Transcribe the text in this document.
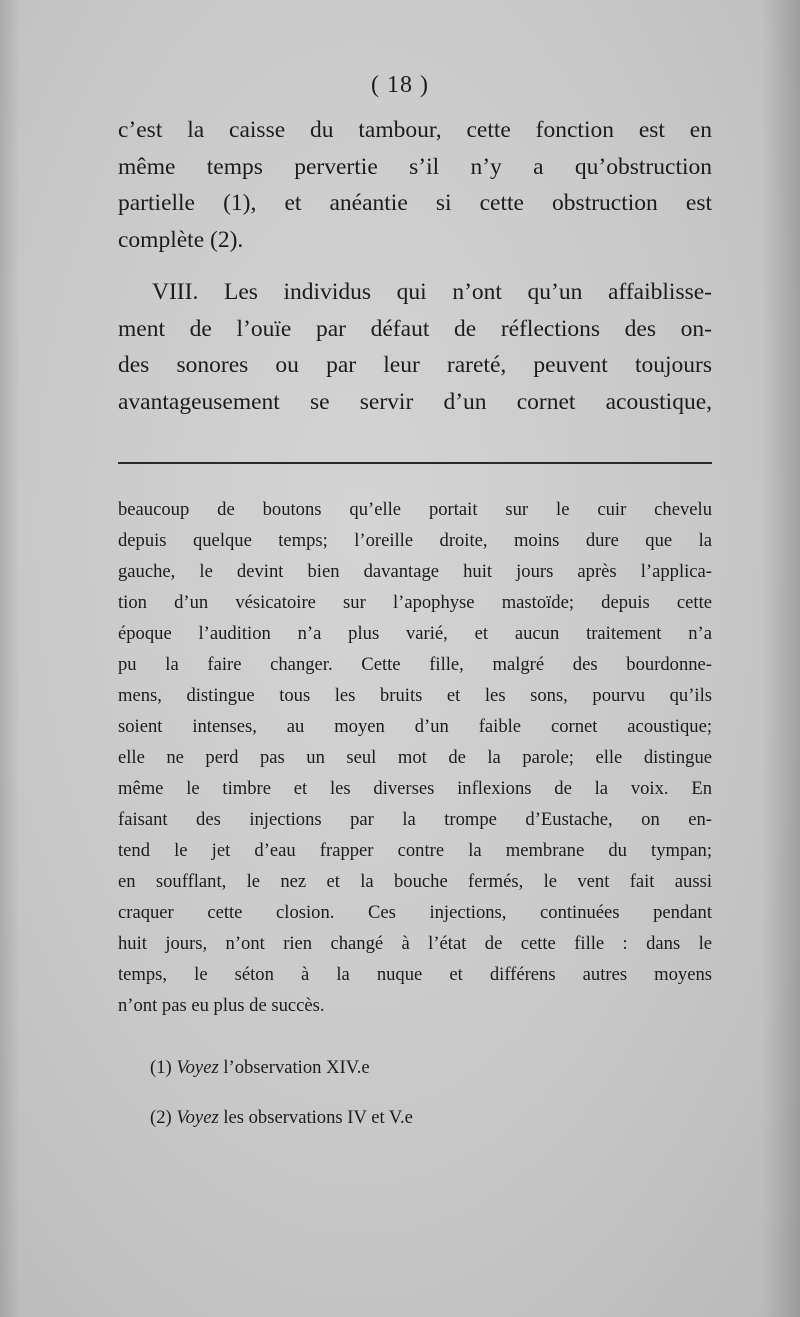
( 18 )
c’est la caisse du tambour, cette fonction est en
même temps pervertie s’il n’y a qu’obstruction
partielle (1), et anéantie si cette obstruction est
complète (2).
VIII. Les individus qui n’ont qu’un affaiblisse-
ment de l’ouïe par défaut de réflections des on-
des sonores ou par leur rareté, peuvent toujours
avantageusement se servir d’un cornet acoustique,
beaucoup de boutons qu’elle portait sur le cuir chevelu
depuis quelque temps; l’oreille droite, moins dure que la
gauche, le devint bien davantage huit jours après l’applica-
tion d’un vésicatoire sur l’apophyse mastoïde; depuis cette
époque l’audition n’a plus varié, et aucun traitement n’a
pu la faire changer. Cette fille, malgré des bourdonne-
mens, distingue tous les bruits et les sons, pourvu qu’ils
soient intenses, au moyen d’un faible cornet acoustique;
elle ne perd pas un seul mot de la parole; elle distingue
même le timbre et les diverses inflexions de la voix. En
faisant des injections par la trompe d’Eustache, on en-
tend le jet d’eau frapper contre la membrane du tympan;
en soufflant, le nez et la bouche fermés, le vent fait aussi
craquer cette closion. Ces injections, continuées pendant
huit jours, n’ont rien changé à l’état de cette fille : dans le
temps, le séton à la nuque et différens autres moyens
n’ont pas eu plus de succès.
(1) Voyez l’observation XIV.e
(2) Voyez les observations IV et V.e
